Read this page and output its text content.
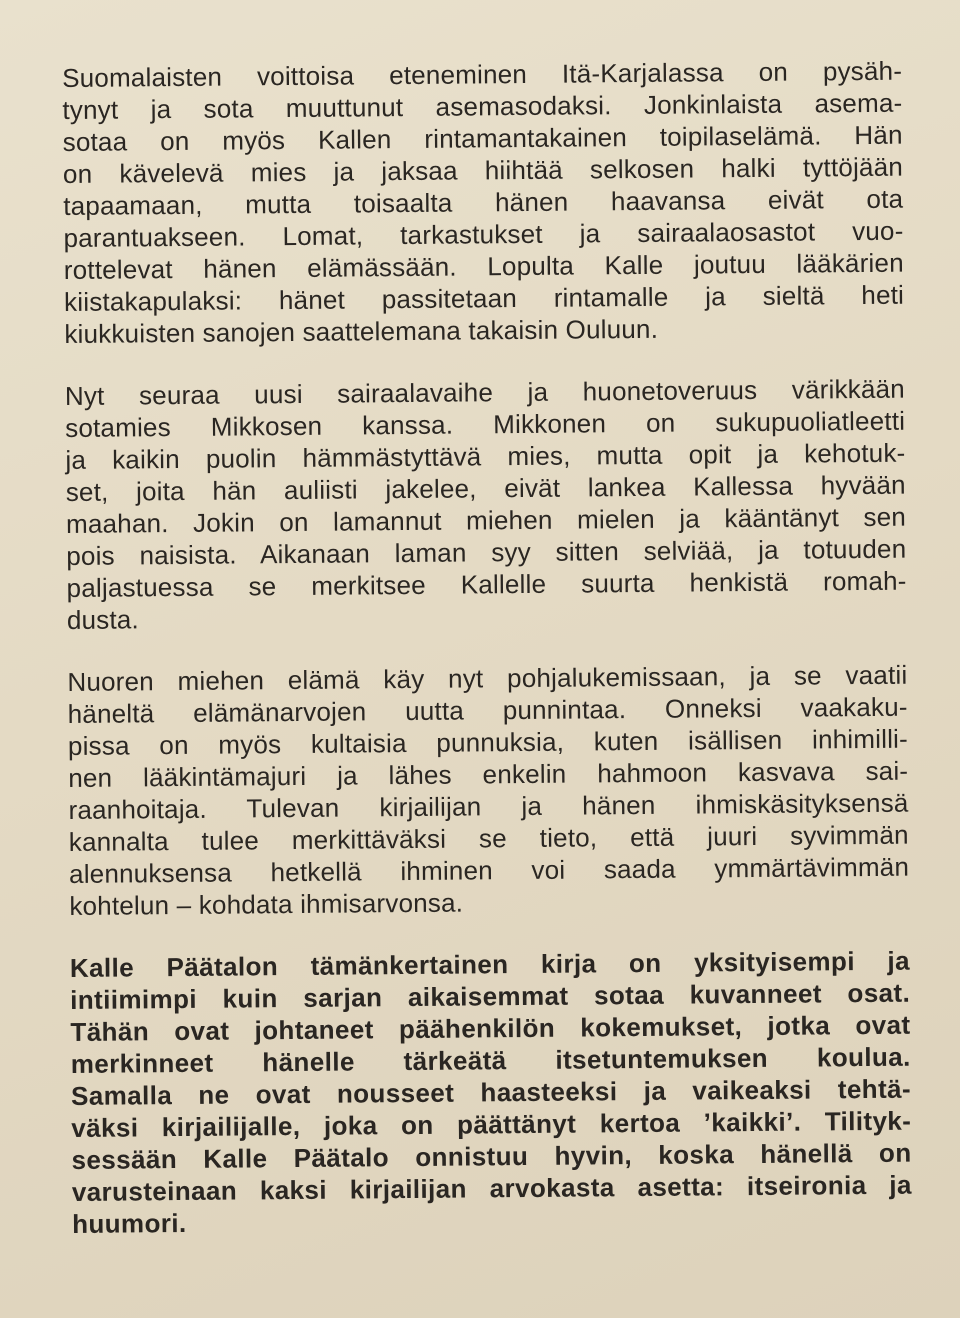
Suomalaisten voittoisa eteneminen Itä-Karjalassa on pysäh-
tynyt ja sota muuttunut asemasodaksi. Jonkinlaista asema-
sotaa on myös Kallen rintamantakainen toipilaselämä. Hän
on kävelevä mies ja jaksaa hiihtää selkosen halki tyttöjään
tapaamaan, mutta toisaalta hänen haavansa eivät ota
parantuakseen. Lomat, tarkastukset ja sairaalaosastot vuo-
rottelevat hänen elämässään. Lopulta Kalle joutuu lääkärien
kiistakapulaksi: hänet passitetaan rintamalle ja sieltä heti
kiukkuisten sanojen saattelemana takaisin Ouluun.
Nyt seuraa uusi sairaalavaihe ja huonetoveruus värikkään
sotamies Mikkosen kanssa. Mikkonen on sukupuoliatleetti
ja kaikin puolin hämmästyttävä mies, mutta opit ja kehotuk-
set, joita hän auliisti jakelee, eivät lankea Kallessa hyvään
maahan. Jokin on lamannut miehen mielen ja kääntänyt sen
pois naisista. Aikanaan laman syy sitten selviää, ja totuuden
paljastuessa se merkitsee Kallelle suurta henkistä romah-
dusta.
Nuoren miehen elämä käy nyt pohjalukemissaan, ja se vaatii
häneltä elämänarvojen uutta punnintaa. Onneksi vaakaku-
pissa on myös kultaisia punnuksia, kuten isällisen inhimilli-
nen lääkintämajuri ja lähes enkelin hahmoon kasvava sai-
raanhoitaja. Tulevan kirjailijan ja hänen ihmiskäsityksensä
kannalta tulee merkittäväksi se tieto, että juuri syvimmän
alennuksensa hetkellä ihminen voi saada ymmärtävimmän
kohtelun – kohdata ihmisarvonsa.
Kalle Päätalon tämänkertainen kirja on yksityisempi ja
intiimimpi kuin sarjan aikaisemmat sotaa kuvanneet osat.
Tähän ovat johtaneet päähenkilön kokemukset, jotka ovat
merkinneet hänelle tärkeätä itsetuntemuksen koulua.
Samalla ne ovat nousseet haasteeksi ja vaikeaksi tehtä-
väksi kirjailijalle, joka on päättänyt kertoa ’kaikki’. Tilityk-
sessään Kalle Päätalo onnistuu hyvin, koska hänellä on
varusteinaan kaksi kirjailijan arvokasta asetta: itseironia ja
huumori.
